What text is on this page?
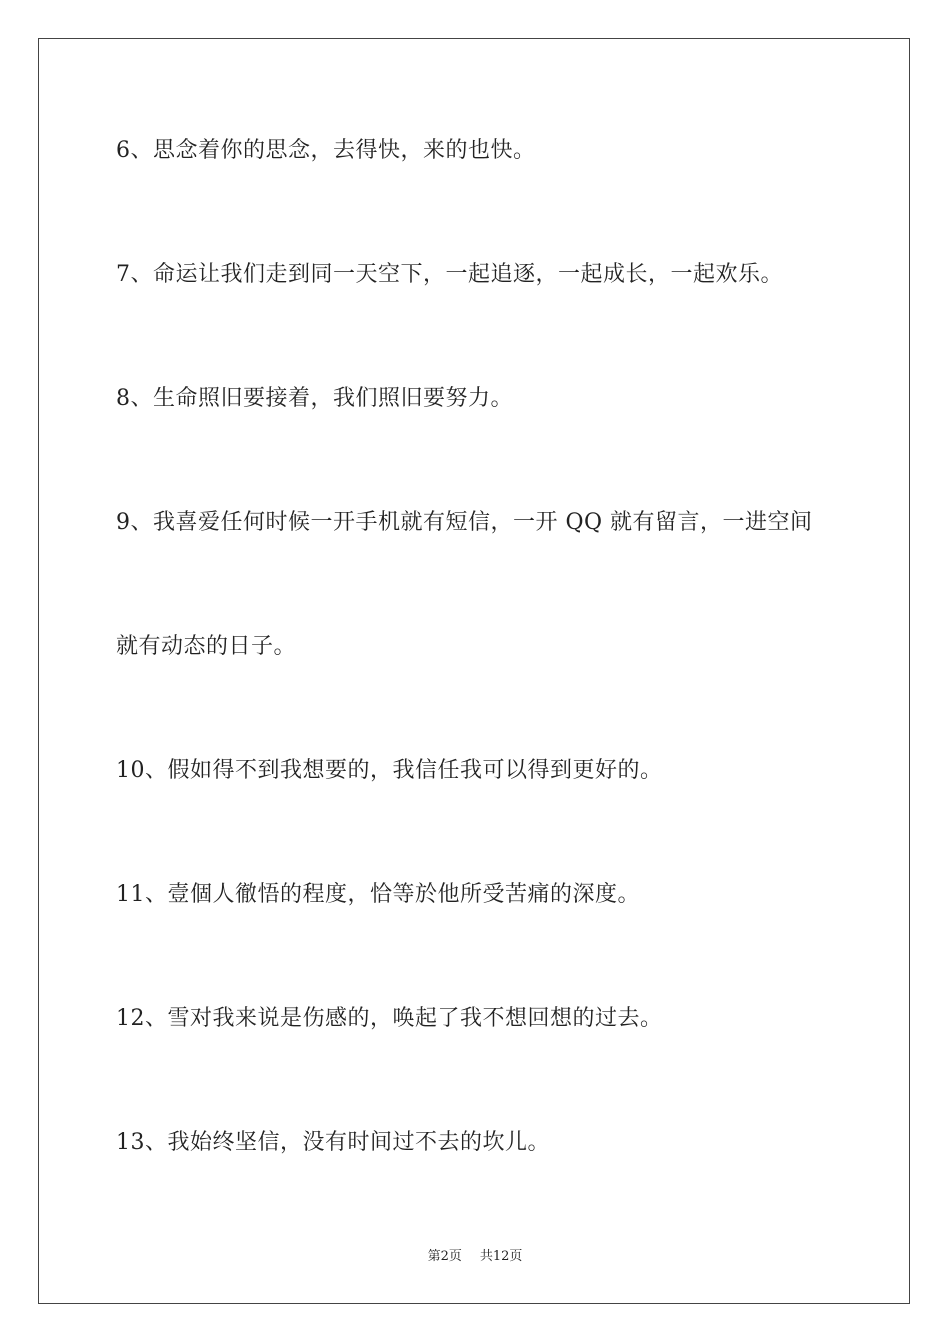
6、思念着你的思念，去得快，来的也快。
7、命运让我们走到同一天空下，一起追逐，一起成长，一起欢乐。
8、生命照旧要接着，我们照旧要努力。
9、我喜爱任何时候一开手机就有短信，一开 QQ 就有留言，一进空间
就有动态的日子。
10、假如得不到我想要的，我信任我可以得到更好的。
11、壹個人徹悟的程度，恰等於他所受苦痛的深度。
12、雪对我来说是伤感的，唤起了我不想回想的过去。
13、我始终坚信，没有时间过不去的坎儿。
第2页 共12页
